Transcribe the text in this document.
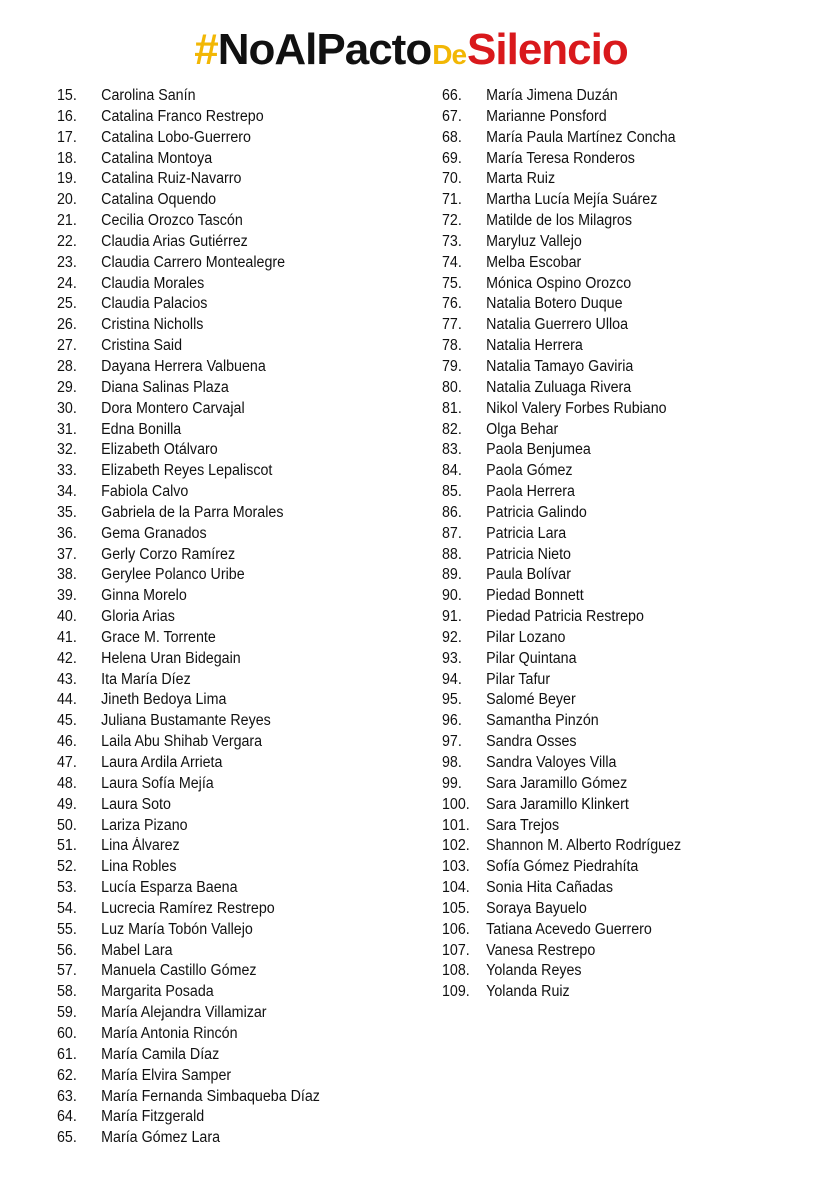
#NoAlPactoDeSilencio
15. Carolina Sanín
16. Catalina Franco Restrepo
17. Catalina Lobo-Guerrero
18. Catalina Montoya
19. Catalina Ruiz-Navarro
20. Catalina Oquendo
21. Cecilia Orozco Tascón
22. Claudia Arias Gutiérrez
23. Claudia Carrero Montealegre
24. Claudia Morales
25. Claudia Palacios
26. Cristina Nicholls
27. Cristina Said
28. Dayana Herrera Valbuena
29. Diana Salinas Plaza
30. Dora Montero Carvajal
31. Edna Bonilla
32. Elizabeth Otálvaro
33. Elizabeth Reyes Lepaliscot
34. Fabiola Calvo
35. Gabriela de la Parra Morales
36. Gema Granados
37. Gerly Corzo Ramírez
38. Gerylee Polanco Uribe
39. Ginna Morelo
40. Gloria Arias
41. Grace M. Torrente
42. Helena Uran Bidegain
43. Ita María Díez
44. Jineth Bedoya Lima
45. Juliana Bustamante Reyes
46. Laila Abu Shihab Vergara
47. Laura Ardila Arrieta
48. Laura Sofía Mejía
49. Laura Soto
50. Lariza Pizano
51. Lina Álvarez
52. Lina Robles
53. Lucía Esparza Baena
54. Lucrecia Ramírez Restrepo
55. Luz María Tobón Vallejo
56. Mabel Lara
57. Manuela Castillo Gómez
58. Margarita Posada
59. María Alejandra Villamizar
60. María Antonia Rincón
61. María Camila Díaz
62. María Elvira Samper
63. María Fernanda Simbaqueba Díaz
64. María Fitzgerald
65. María Gómez Lara
66. María Jimena Duzán
67. Marianne Ponsford
68. María Paula Martínez Concha
69. María Teresa Ronderos
70. Marta Ruiz
71. Martha Lucía Mejía Suárez
72. Matilde de los Milagros
73. Maryluz Vallejo
74. Melba Escobar
75. Mónica Ospino Orozco
76. Natalia Botero Duque
77. Natalia Guerrero Ulloa
78. Natalia Herrera
79. Natalia Tamayo Gaviria
80. Natalia Zuluaga Rivera
81. Nikol Valery Forbes Rubiano
82. Olga Behar
83. Paola Benjumea
84. Paola Gómez
85. Paola Herrera
86. Patricia Galindo
87. Patricia Lara
88. Patricia Nieto
89. Paula Bolívar
90. Piedad Bonnett
91. Piedad Patricia Restrepo
92. Pilar Lozano
93. Pilar Quintana
94. Pilar Tafur
95. Salomé Beyer
96. Samantha Pinzón
97. Sandra Osses
98. Sandra Valoyes Villa
99. Sara Jaramillo Gómez
100. Sara Jaramillo Klinkert
101. Sara Trejos
102. Shannon M. Alberto Rodríguez
103. Sofía Gómez Piedrahíta
104. Sonia Hita Cañadas
105. Soraya Bayuelo
106. Tatiana Acevedo Guerrero
107. Vanesa Restrepo
108. Yolanda Reyes
109. Yolanda Ruiz
